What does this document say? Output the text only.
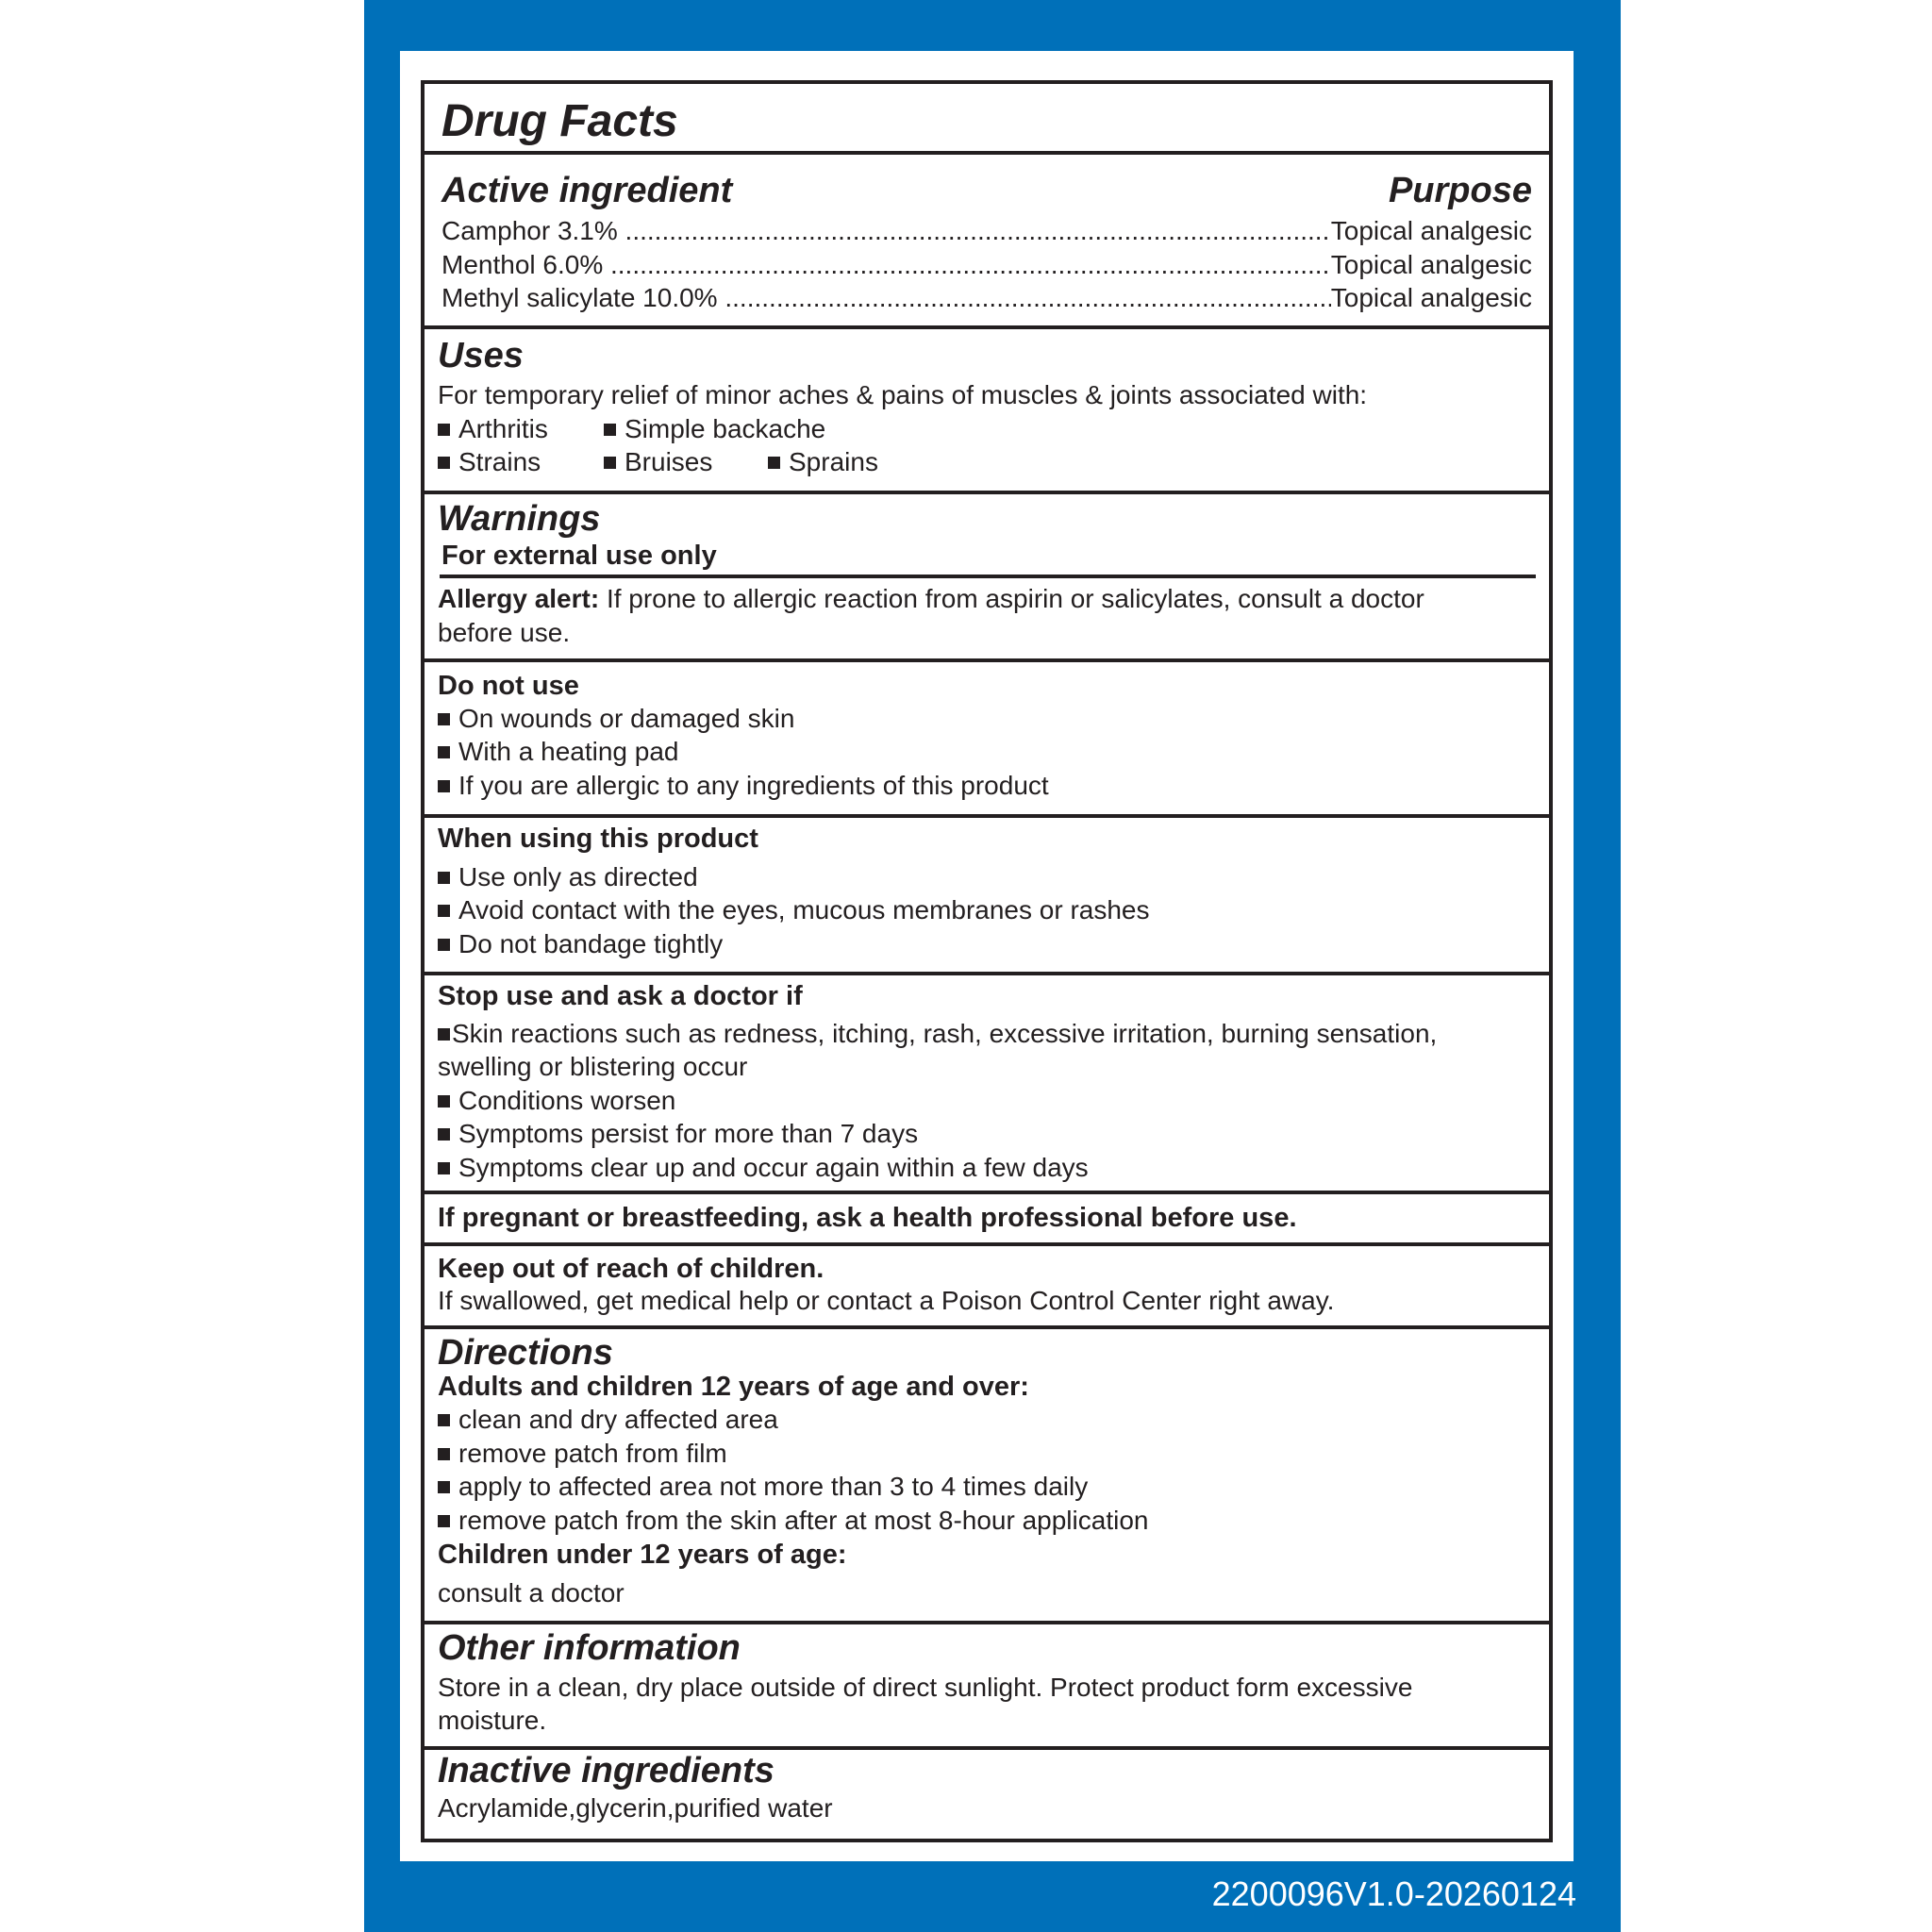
Drug Facts
Active ingredient	Purpose
Camphor 3.1% .....	Topical analgesic
Menthol 6.0% .....	Topical analgesic
Methyl salicylate 10.0% .....	Topical analgesic
Uses
For temporary relief of minor aches & pains of muscles & joints associated with:
Arthritis	Simple backache
Strains	Bruises	Sprains
Warnings
For external use only
Allergy alert: If prone to allergic reaction from aspirin or salicylates, consult a doctor
before use.
Do not use
On wounds or damaged skin
With a heating pad
If you are allergic to any ingredients of this product
When using this product
Use only as directed
Avoid contact with the eyes, mucous membranes or rashes
Do not bandage tightly
Stop use and ask a doctor if
Skin reactions such as redness, itching, rash, excessive irritation, burning sensation,
swelling or blistering occur
Conditions worsen
Symptoms persist for more than 7 days
Symptoms clear up and occur again within a few days
If pregnant or breastfeeding, ask a health professional before use.
Keep out of reach of children.
If swallowed, get medical help or contact a Poison Control Center right away.
Directions
Adults and children 12 years of age and over:
clean and dry affected area
remove patch from film
apply to affected area not more than 3 to 4 times daily
remove patch from the skin after at most 8-hour application
Children under 12 years of age:
consult a doctor
Other information
Store in a clean, dry place outside of direct sunlight. Protect product form excessive
moisture.
Inactive ingredients
Acrylamide,glycerin,purified water
2200096V1.0-20260124
